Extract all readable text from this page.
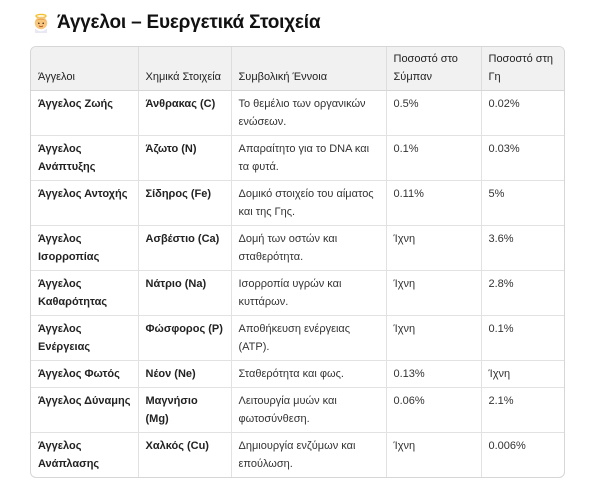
Άγγελοι – Ευεργετικά Στοιχεία
Άγγελοι	Χημικά Στοιχεία	Συμβολική Έννοια	Ποσοστό στο Σύμπαν	Ποσοστό στη Γη
Άγγελος Ζωής	Άνθρακας (C)	Το θεμέλιο των οργανικών ενώσεων.	0.5%	0.02%
Άγγελος Ανάπτυξης	Άζωτο (N)	Απαραίτητο για το DNA και τα φυτά.	0.1%	0.03%
Άγγελος Αντοχής	Σίδηρος (Fe)	Δομικό στοιχείο του αίματος και της Γης.	0.11%	5%
Άγγελος Ισορροπίας	Ασβέστιο (Ca)	Δομή των οστών και σταθερότητα.	Ίχνη	3.6%
Άγγελος Καθαρότητας	Νάτριο (Na)	Ισορροπία υγρών και κυττάρων.	Ίχνη	2.8%
Άγγελος Ενέργειας	Φώσφορος (P)	Αποθήκευση ενέργειας (ATP).	Ίχνη	0.1%
Άγγελος Φωτός	Νέον (Ne)	Σταθερότητα και φως.	0.13%	Ίχνη
Άγγελος Δύναμης	Μαγνήσιο (Mg)	Λειτουργία μυών και φωτοσύνθεση.	0.06%	2.1%
Άγγελος Ανάπλασης	Χαλκός (Cu)	Δημιουργία ενζύμων και επούλωση.	Ίχνη	0.006%
